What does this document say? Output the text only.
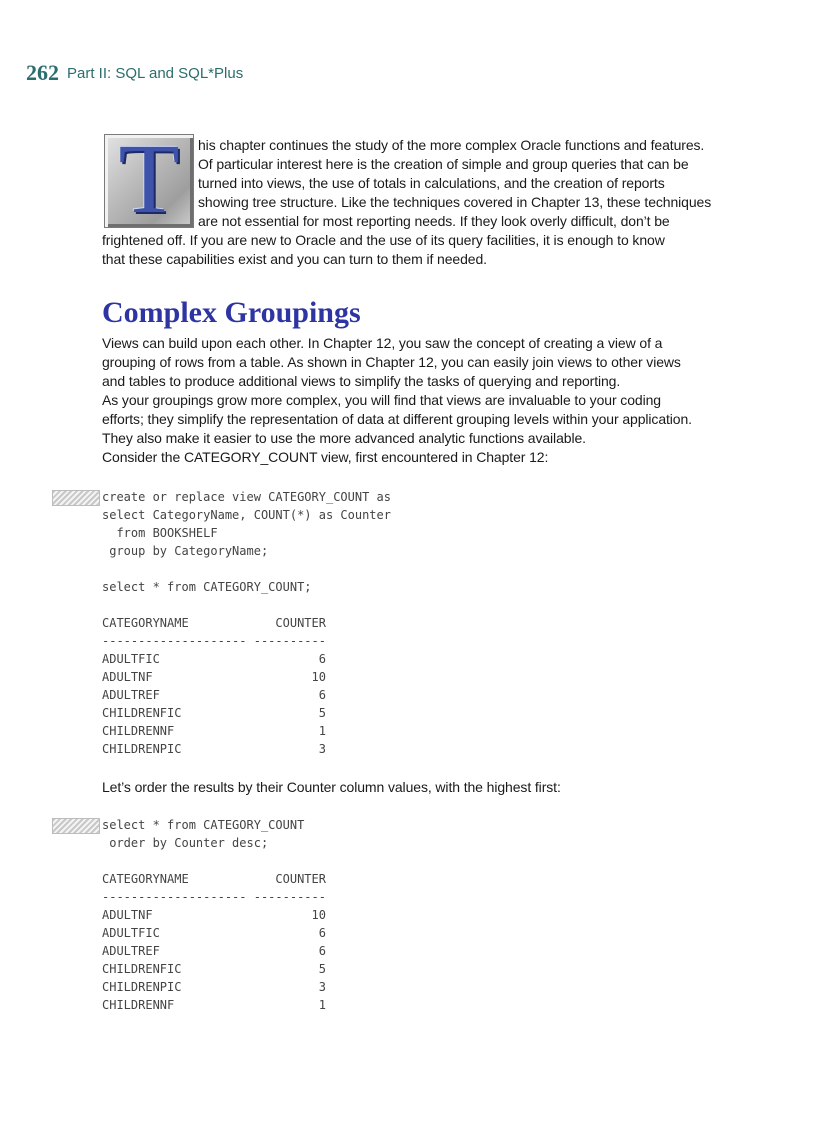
262 Part II: SQL and SQL*Plus
T	his chapter continues the study of the more complex Oracle functions and features.
Of particular interest here is the creation of simple and group queries that can be
turned into views, the use of totals in calculations, and the creation of reports
showing tree structure. Like the techniques covered in Chapter 13, these techniques
are not essential for most reporting needs. If they look overly difficult, don’t be
frightened off. If you are new to Oracle and the use of its query facilities, it is enough to know
that these capabilities exist and you can turn to them if needed.
Complex Groupings
Views can build upon each other. In Chapter 12, you saw the concept of creating a view of a
grouping of rows from a table. As shown in Chapter 12, you can easily join views to other views
and tables to produce additional views to simplify the tasks of querying and reporting.
As your groupings grow more complex, you will find that views are invaluable to your coding
efforts; they simplify the representation of data at different grouping levels within your application.
They also make it easier to use the more advanced analytic functions available.
Consider the CATEGORY_COUNT view, first encountered in Chapter 12:
create or replace view CATEGORY_COUNT as
select CategoryName, COUNT(*) as Counter
from BOOKSHELF
group by CategoryName;

select * from CATEGORY_COUNT;

CATEGORYNAME            COUNTER
-------------------- ----------
ADULTFIC                      6
ADULTNF                      10
ADULTREF                      6
CHILDRENFIC                   5
CHILDRENNF                    1
CHILDRENPIC                   3
Let’s order the results by their Counter column values, with the highest first:
select * from CATEGORY_COUNT
order by Counter desc;

CATEGORYNAME            COUNTER
-------------------- ----------
ADULTNF                      10
ADULTFIC                      6
ADULTREF                      6
CHILDRENFIC                   5
CHILDRENPIC                   3
CHILDRENNF                    1
